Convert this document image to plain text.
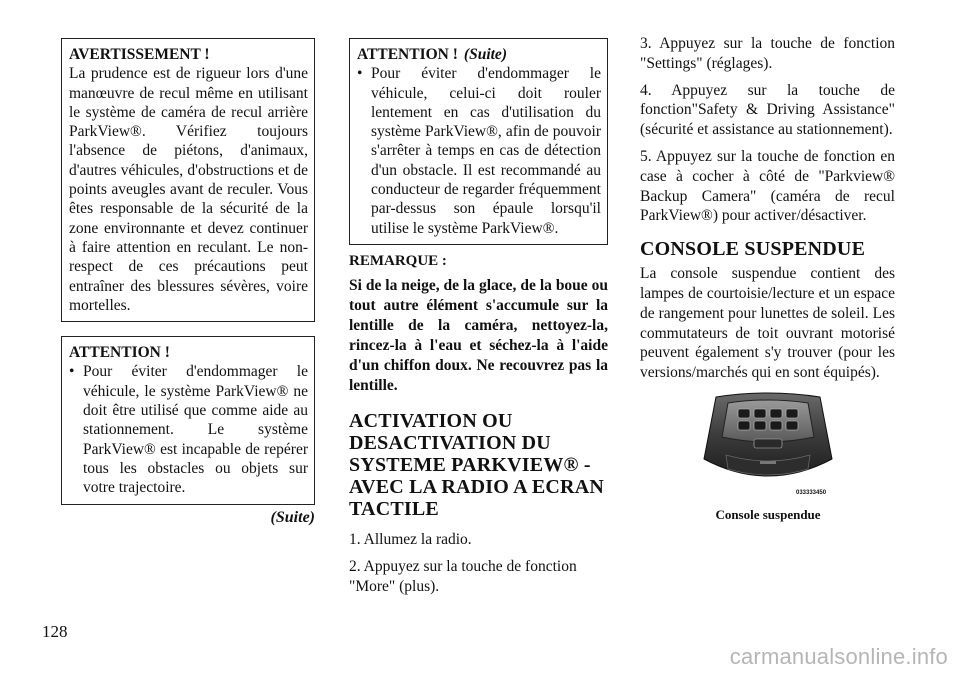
AVERTISSEMENT !
La prudence est de rigueur lors d'une manœuvre de recul même en utilisant le système de caméra de recul arrière ParkView®. Vérifiez toujours l'absence de piétons, d'animaux, d'autres véhicules, d'obstructions et de points aveugles avant de reculer. Vous êtes responsable de la sécurité de la zone environnante et devez continuer à faire attention en reculant. Le non-respect de ces précautions peut entraîner des blessures sévères, voire mortelles.
ATTENTION !
• Pour éviter d'endommager le véhicule, le système ParkView® ne doit être utilisé que comme aide au stationnement. Le système ParkView® est incapable de repérer tous les obstacles ou objets sur votre trajectoire.
(Suite)
ATTENTION ! (Suite)
• Pour éviter d'endommager le véhicule, celui-ci doit rouler lentement en cas d'utilisation du système ParkView®, afin de pouvoir s'arrêter à temps en cas de détection d'un obstacle. Il est recommandé au conducteur de regarder fréquemment par-dessus son épaule lorsqu'il utilise le système ParkView®.
REMARQUE :
Si de la neige, de la glace, de la boue ou tout autre élément s'accumule sur la lentille de la caméra, nettoyez-la, rincez-la à l'eau et séchez-la à l'aide d'un chiffon doux. Ne recouvrez pas la lentille.
ACTIVATION OU DESACTIVATION DU SYSTEME PARKVIEW® - AVEC LA RADIO A ECRAN TACTILE

1. Allumez la radio.

2. Appuyez sur la touche de fonction "More" (plus).

3. Appuyez sur la touche de fonction "Settings" (réglages).

4. Appuyez sur la touche de fonction"Safety & Driving Assistance" (sécurité et assistance au stationnement).

5. Appuyez sur la touche de fonction en case à cocher à côté de "Parkview® Backup Camera" (caméra de recul ParkView®) pour activer/désactiver.

CONSOLE SUSPENDUE

La console suspendue contient des lampes de courtoisie/lecture et un espace de rangement pour lunettes de soleil. Les commutateurs de toit ouvrant motorisé peuvent également s'y trouver (pour les versions/marchés qui en sont équipés).

033333450
Console suspendue
128
carmanualsonline.info
